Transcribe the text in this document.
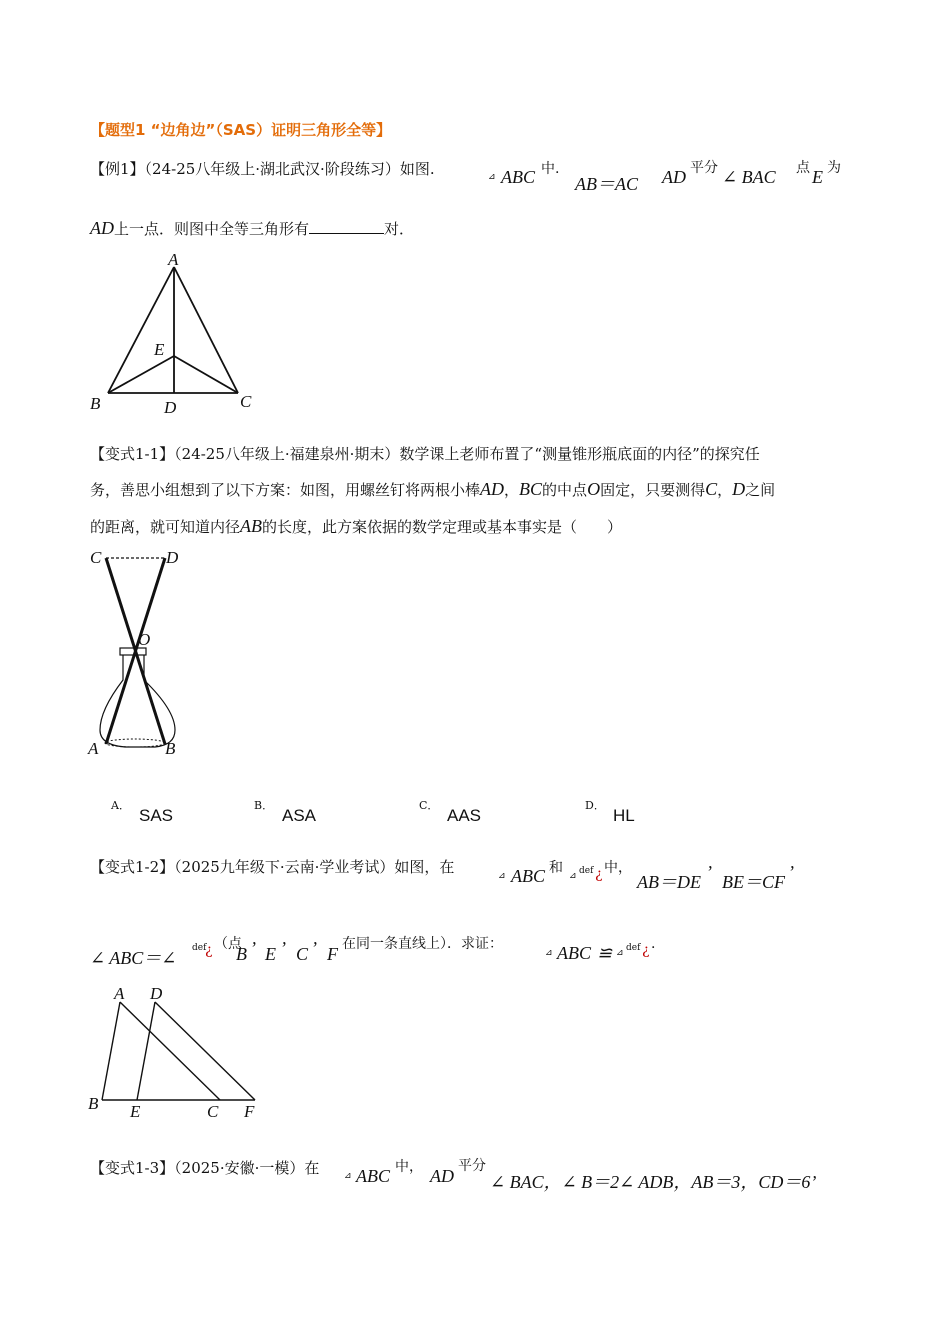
【题型1 “边角边”（SAS）证明三角形全等】
【例1】（24-25八年级上·湖北武汉·阶段练习）如图.	⊿ ABC 中.
AB＝AC AD 平分 ∠ BAC 点 E 为
AD上一点．则图中全等三角形有	对．
A
B	C
D
E
【变式1-1】（24-25八年级上·福建泉州·期末）数学课上老师布置了“测量锥形瓶底面的内径”的探究任
务，善思小组想到了以下方案：如图，用螺丝钉将两根小棒AD，BC的中点O固定，只要测得C，D之间
的距离，就可知道内径AB的长度，此方案依据的数学定理或基本事实是（　　）
C	D
O
A	B
A．
SAS
B．
ASA
C．
AAS
D．
HL
【变式1-2】（2025九年级下·云南·学业考试）如图，在	⊿ ABC 和 ⊿ def ¿ 中，
AB＝DE ’ BE＝CF ’
∠ ABC＝∠ def
¿ （点
B ’ E ’ C ’ F 在同一条直线上）．求证：
⊿ ABC ≌ ⊿ def ¿ ·
A D
B E	C F
【变式1-3】（2025·安徽·一模）在	⊿ ABC 中， AD 平分
∠ BAC，∠ B＝2∠ ADB，AB＝3，CD＝6’
